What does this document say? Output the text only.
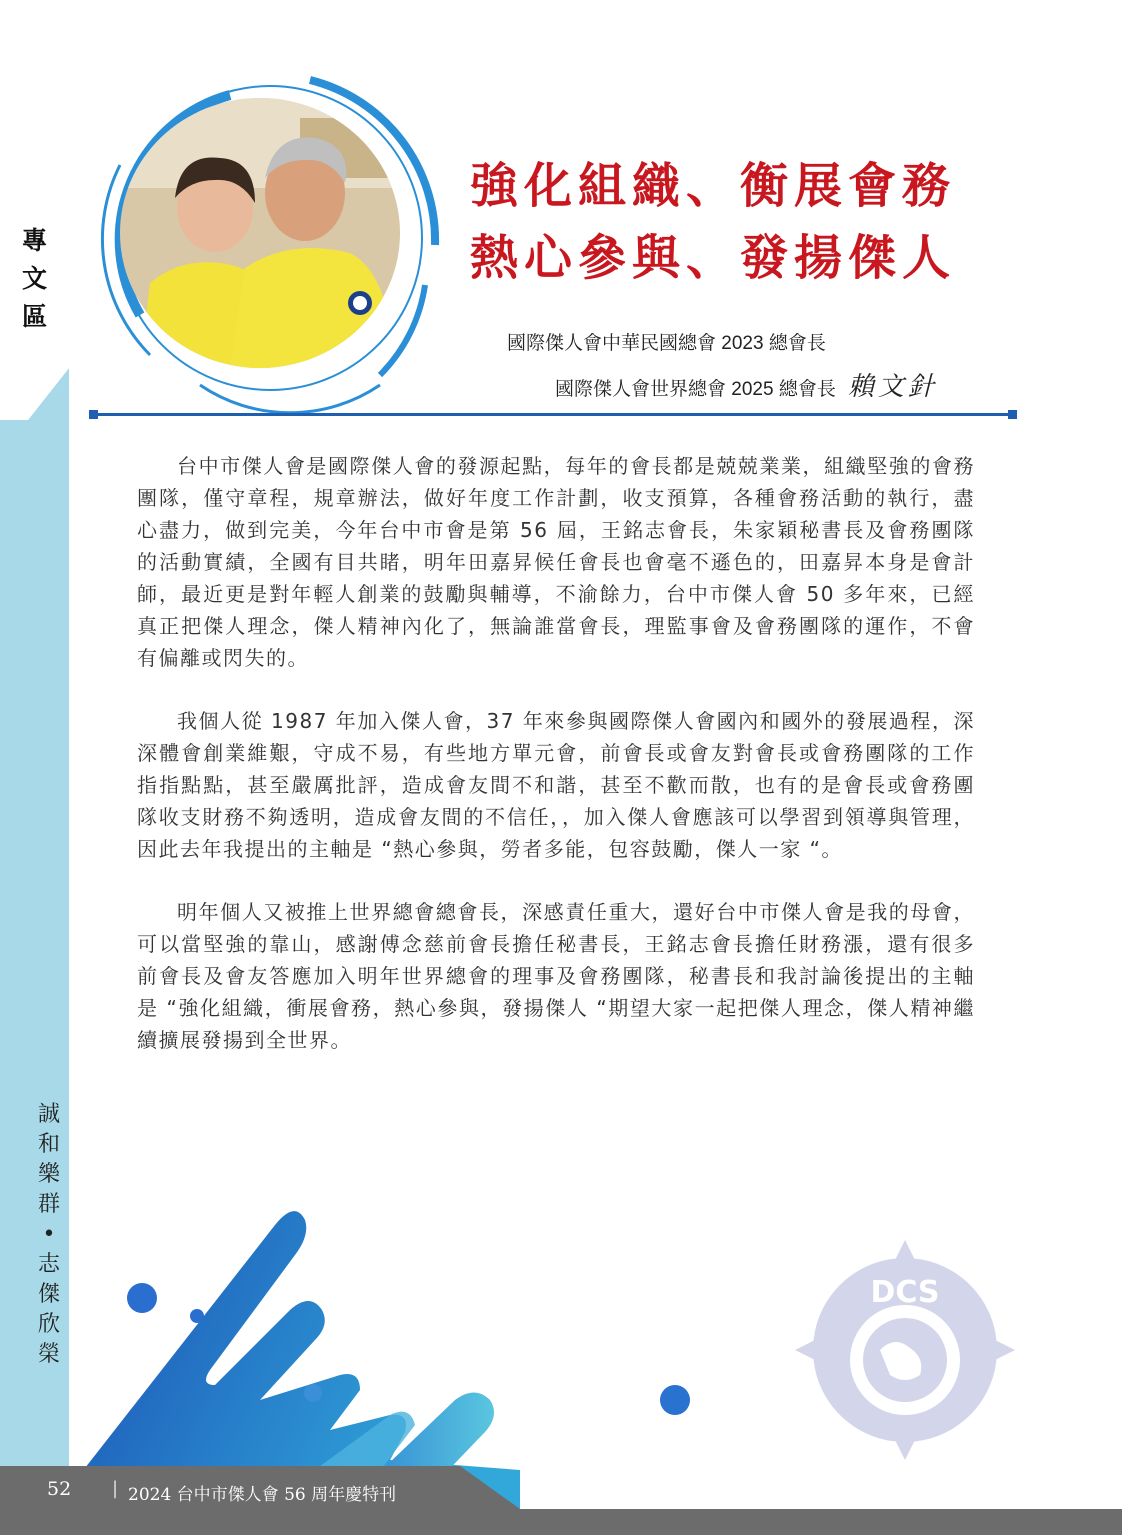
專
文
區
誠
和
樂
群
•
志
傑
欣
榮
強化組織、衡展會務
熱心參與、發揚傑人
國際傑人會中華民國總會 2023 總會長
國際傑人會世界總會 2025 總會長 賴文針

台中市傑人會是國際傑人會的發源起點，每年的會長都是兢兢業業，組織堅強的會務團隊，僅守章程，規章辦法，做好年度工作計劃，收支預算，各種會務活動的執行，盡心盡力，做到完美，今年台中市會是第 56 屆，王銘志會長，朱家穎秘書長及會務團隊的活動實績，全國有目共睹，明年田嘉昇候任會長也會毫不遜色的，田嘉昇本身是會計師，最近更是對年輕人創業的鼓勵與輔導，不渝餘力，台中市傑人會 50 多年來，已經真正把傑人理念，傑人精神內化了，無論誰當會長，理監事會及會務團隊的運作，不會有偏離或閃失的。

我個人從 1987 年加入傑人會，37 年來參與國際傑人會國內和國外的發展過程，深深體會創業維艱，守成不易，有些地方單元會，前會長或會友對會長或會務團隊的工作指指點點，甚至嚴厲批評，造成會友間不和諧，甚至不歡而散，也有的是會長或會務團隊收支財務不夠透明，造成會友間的不信任，，加入傑人會應該可以學習到領導與管理，因此去年我提出的主軸是 “熱心參與，勞者多能，包容鼓勵，傑人一家 “。

明年個人又被推上世界總會總會長，深感責任重大，還好台中市傑人會是我的母會，可以當堅強的靠山，感謝傅念慈前會長擔任秘書長，王銘志會長擔任財務漲，還有很多前會長及會友答應加入明年世界總會的理事及會務團隊，秘書長和我討論後提出的主軸是 “強化組織，衝展會務，熱心參與，發揚傑人 “期望大家一起把傑人理念，傑人精神繼續擴展發揚到全世界。

DCS
52 | 2024 台中市傑人會 56 周年慶特刊
